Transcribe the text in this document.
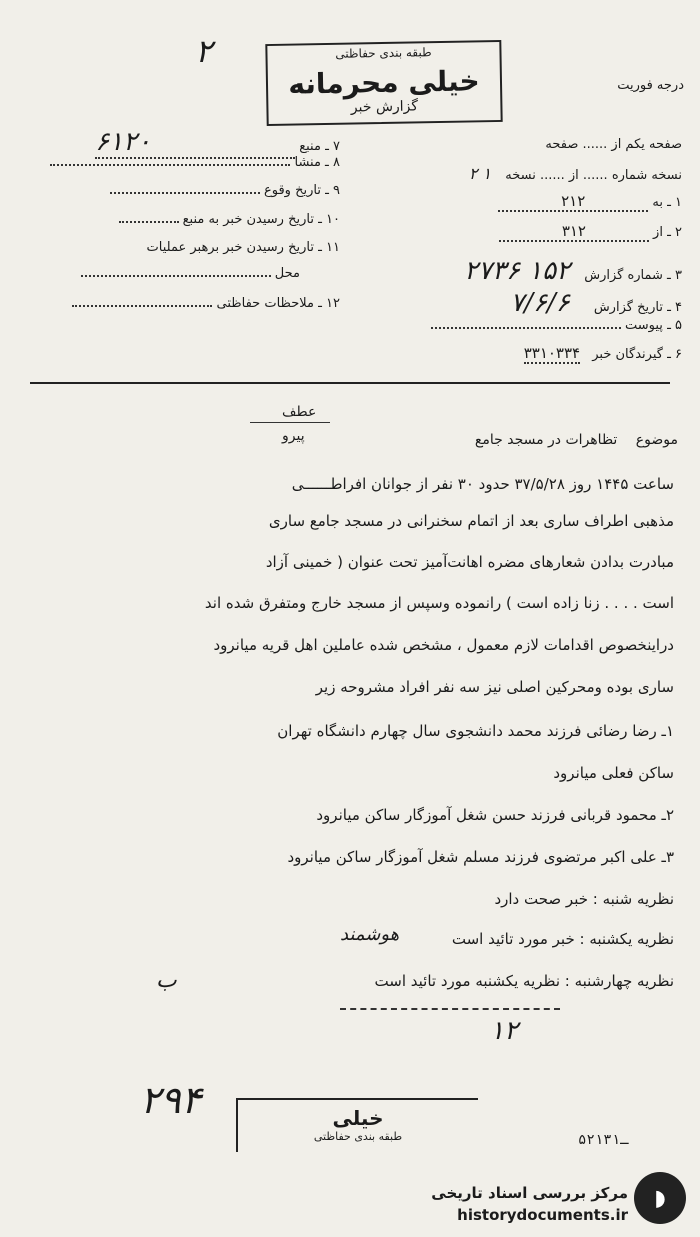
۲	طبقه بندی حفاظتی
خیلی محرمانه
گزارش خبر
درجه فوریت
صفحه یکم از ...... صفحه
نسخه شماره ...... از ...... نسخه ۱ ۲
۱ ـ به ۲۱۲
۲ ـ از ۳۱۲
۳ ـ شماره گزارش ۱۵۲ ۲۷۳۶
۴ ـ تاریخ گزارش ۷/۶/۶
۵ ـ پیوست
۶ ـ گیرندگان خبر ۳۳۱۰۳۳۴
۷ ـ منبع ۶۱۲۰
۸ ـ منشا
۹ ـ تاریخ وقوع
۱۰ ـ تاریخ رسیدن خبر به منبع
۱۱ ـ تاریخ رسیدن خبر برهبر عملیات
محل
۱۲ ـ ملاحظات حفاظتی
عطف
پیرو	موضوع تظاهرات در مسجد جامع
ساعت ۱۴۴۵ روز ۳۷/۵/۲۸ حدود ۳۰ نفر از جوانان افراطــــــی
مذهبی اطراف ساری بعد از اتمام سخنرانی در مسجد جامع ساری
مبادرت بدادن شعارهای مضره اهانت‌آمیز تحت عنوان ( خمینی آزاد
است . . . . زنا زاده است ) رانموده وسپس از مسجد خارج ومتفرق شده اند
دراینخصوص اقدامات لازم معمول ، مشخص شده عاملین اهل قریه میانرود
ساری بوده ومحرکین اصلی نیز سه نفر افراد مشروحه زیر
۱ـ رضا رضائی فرزند محمد دانشجوی سال چهارم دانشگاه تهران
ساکن فعلی میانرود
۲ـ محمود قربانی فرزند حسن شغل آموزگار ساکن میانرود
۳ـ علی اکبر مرتضوی فرزند مسلم شغل آموزگار ساکن میانرود
نظریه شنبه : خبر صحت دارد
نظریه یکشنبه : خبر مورد تائید است
نظریه چهارشنبه : نظریه یکشنبه مورد تائید است
هوشمند
ب
۱۲
۲۹۴	خیلی
طبقه بندی حفاظتی	۵۲ـ۱۳۱
◗
مرکز بررسی اسناد تاریخی
historydocuments.ir
